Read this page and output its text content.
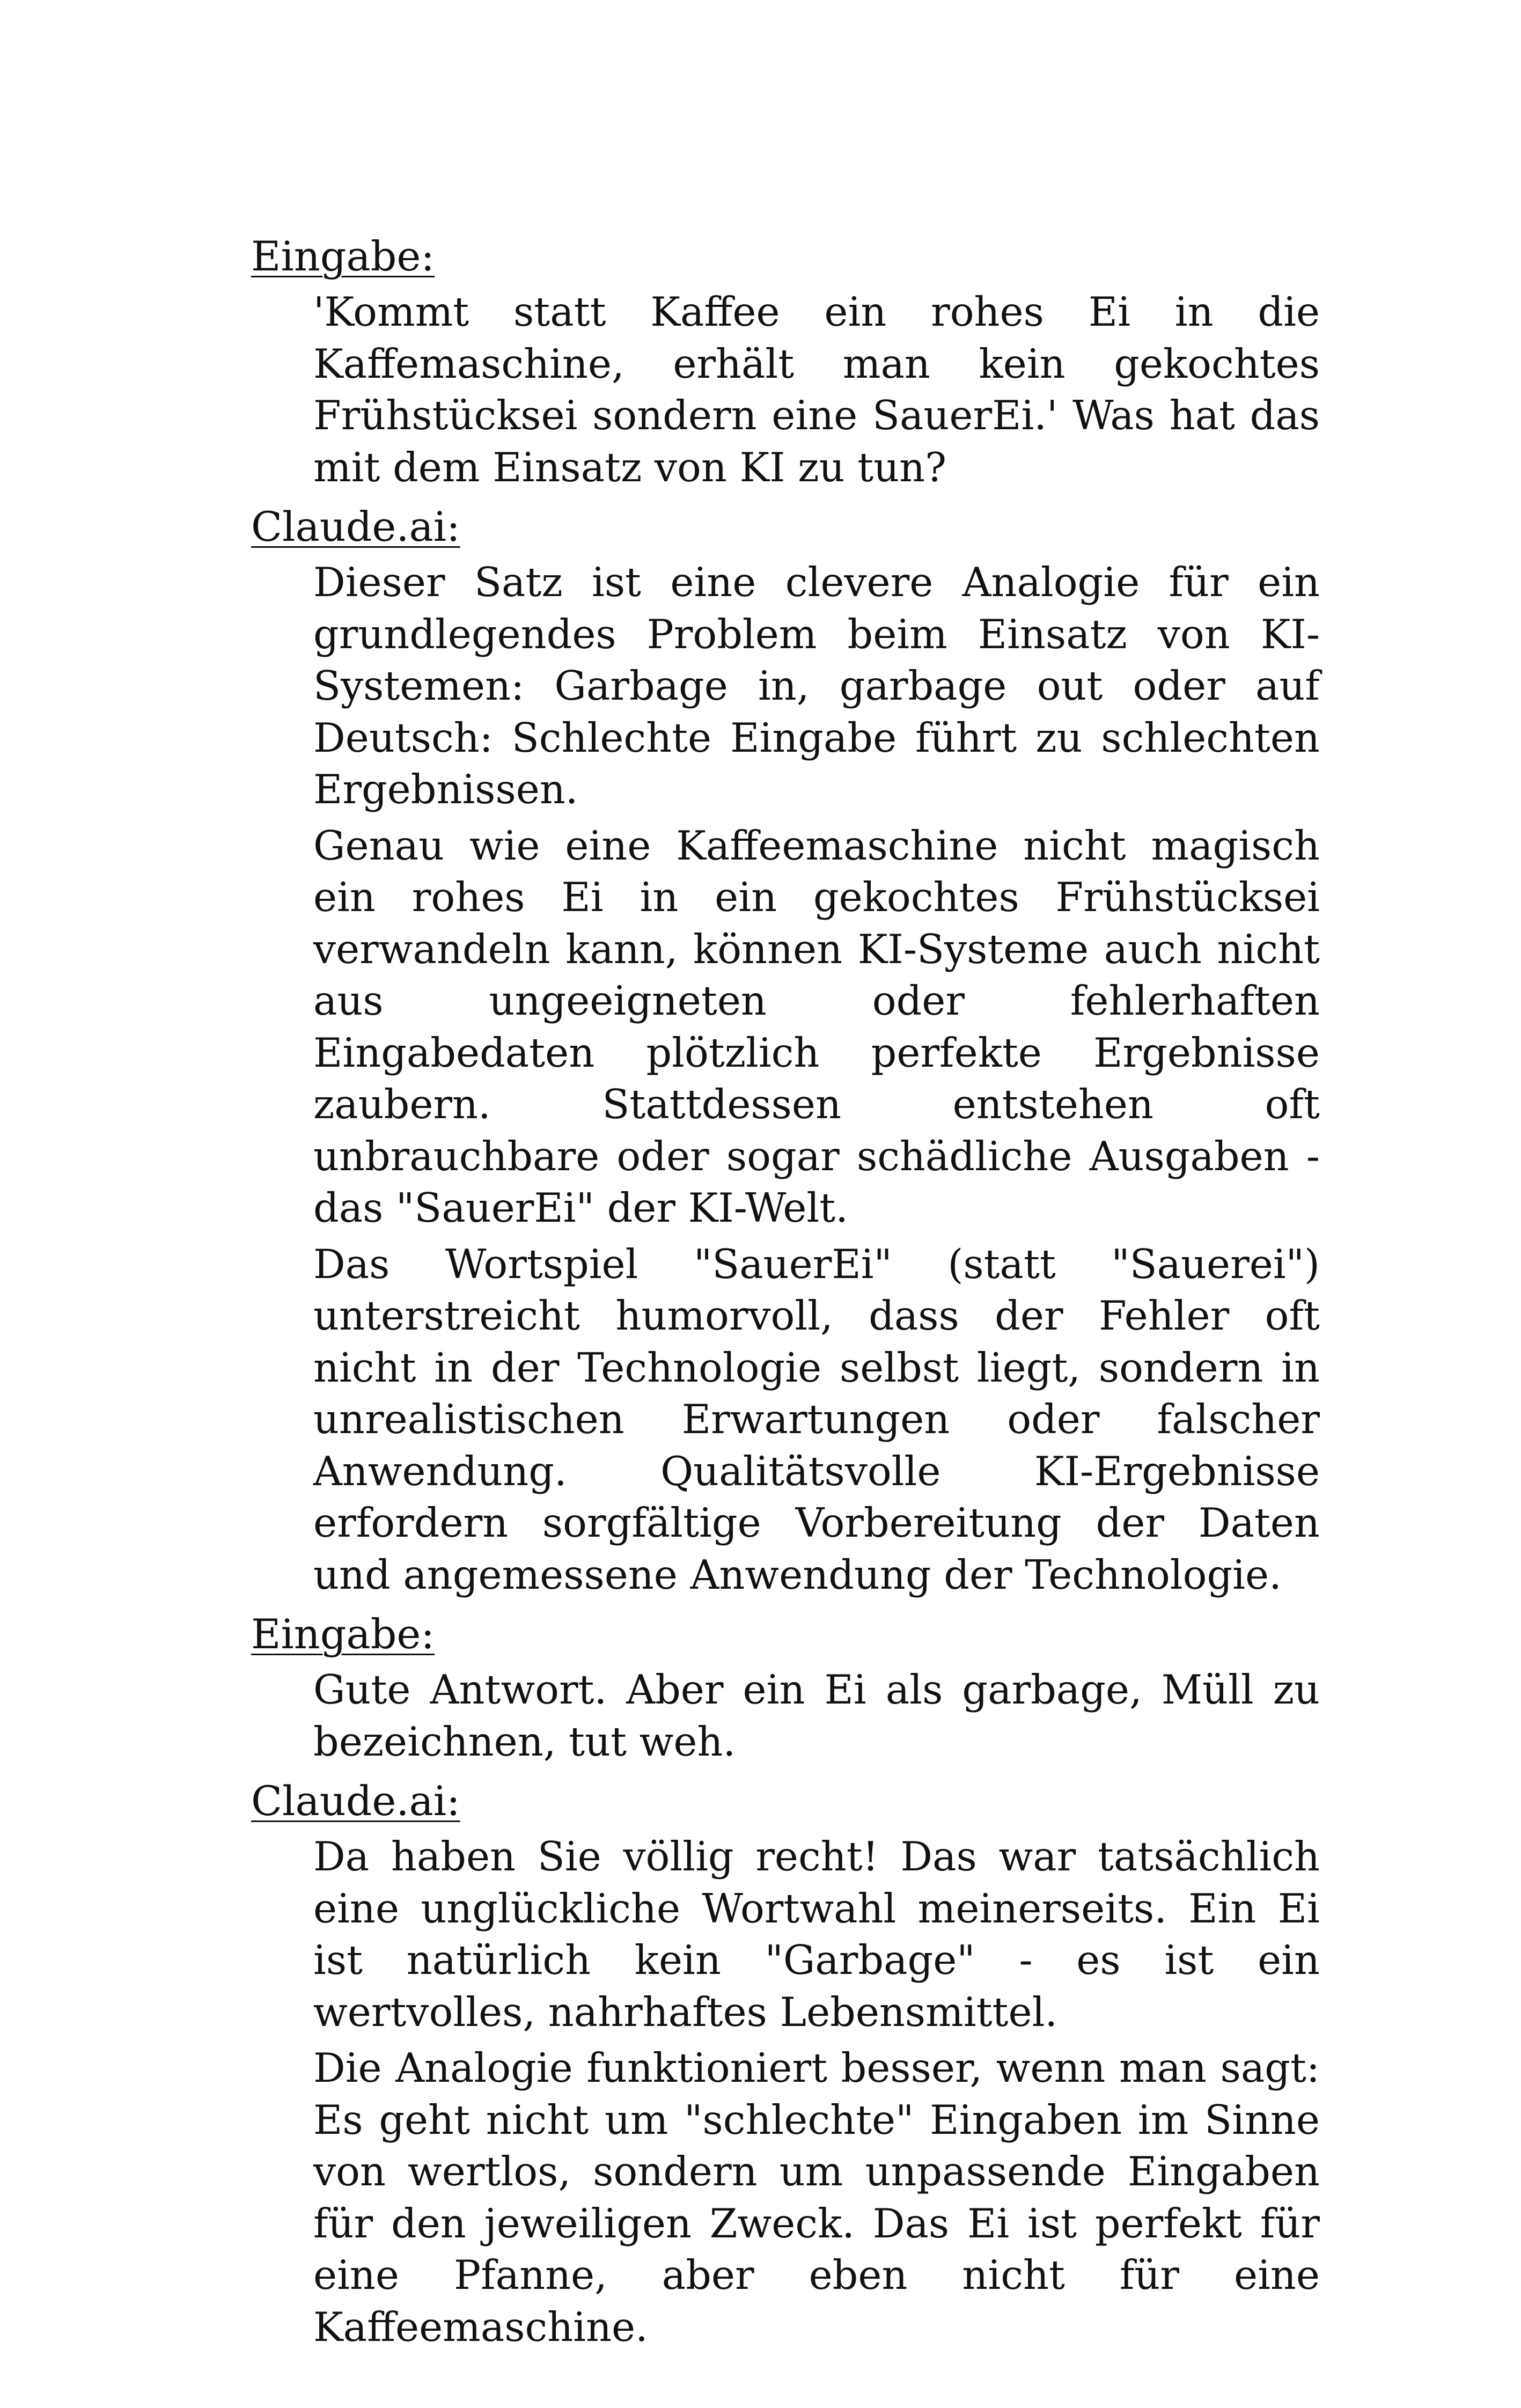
Eingabe:

'Kommt statt Kaffee ein rohes Ei in die Kaffemaschine, erhält man kein gekochtes Frühstücksei sondern eine SauerEi.' Was hat das mit dem Einsatz von KI zu tun?

Claude.ai:

Dieser Satz ist eine clevere Analogie für ein grundlegendes Problem beim Einsatz von KI-Systemen: Garbage in, garbage out oder auf Deutsch: Schlechte Eingabe führt zu schlechten Ergebnissen.

Genau wie eine Kaffeemaschine nicht magisch ein rohes Ei in ein gekochtes Frühstücksei verwandeln kann, können KI-Systeme auch nicht aus ungeeigneten oder fehlerhaften Eingabedaten plötzlich perfekte Ergebnisse zaubern. Stattdessen entstehen oft unbrauchbare oder sogar schädliche Ausgaben - das "SauerEi" der KI-Welt.

Das Wortspiel "SauerEi" (statt "Sauerei") unterstreicht humorvoll, dass der Fehler oft nicht in der Technologie selbst liegt, sondern in unrealistischen Erwartungen oder falscher Anwendung. Qualitätsvolle KI-Ergebnisse erfordern sorgfältige Vorbereitung der Daten und angemessene Anwendung der Technologie.

Eingabe:

Gute Antwort. Aber ein Ei als garbage, Müll zu bezeichnen, tut weh.

Claude.ai:

Da haben Sie völlig recht! Das war tatsächlich eine unglückliche Wortwahl meinerseits. Ein Ei ist natürlich kein "Garbage" - es ist ein wertvolles, nahrhaftes Lebensmittel.

Die Analogie funktioniert besser, wenn man sagt: Es geht nicht um "schlechte" Eingaben im Sinne von wertlos, sondern um unpassende Eingaben für den jeweiligen Zweck. Das Ei ist perfekt für eine Pfanne, aber eben nicht für eine Kaffeemaschine.
